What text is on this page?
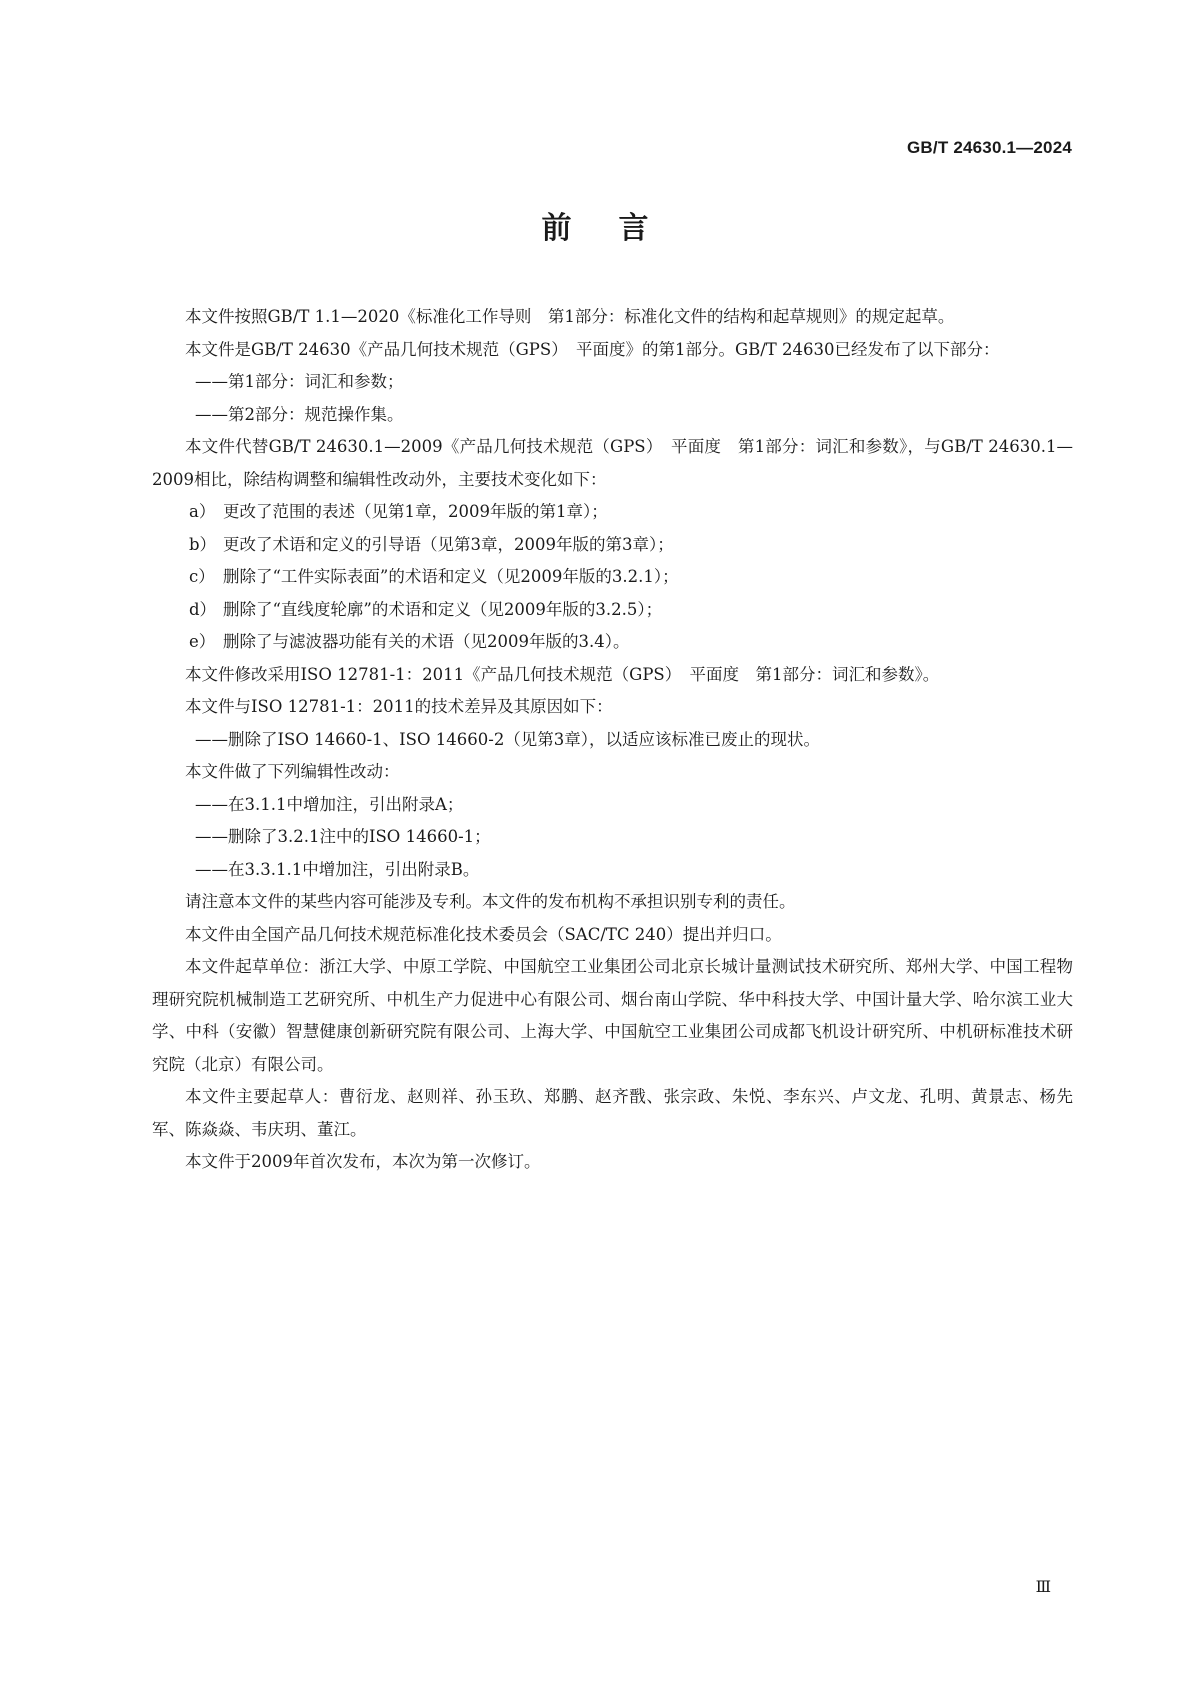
GB/T 24630.1—2024
前 言

本文件按照GB/T 1.1—2020《标准化工作导则　第1部分：标准化文件的结构和起草规则》的规定起草。

本文件是GB/T 24630《产品几何技术规范（GPS）　平面度》的第1部分。GB/T 24630已经发布了以下部分：

——第1部分：词汇和参数；

——第2部分：规范操作集。

本文件代替GB/T 24630.1—2009《产品几何技术规范（GPS）　平面度　第1部分：词汇和参数》，与GB/T 24630.1—2009相比，除结构调整和编辑性改动外，主要技术变化如下：

a） 更改了范围的表述（见第1章，2009年版的第1章）；

b） 更改了术语和定义的引导语（见第3章，2009年版的第3章）；

c） 删除了“工件实际表面”的术语和定义（见2009年版的3.2.1）；

d） 删除了“直线度轮廓”的术语和定义（见2009年版的3.2.5）；

e） 删除了与滤波器功能有关的术语（见2009年版的3.4）。

本文件修改采用ISO 12781-1：2011《产品几何技术规范（GPS）　平面度　第1部分：词汇和参数》。

本文件与ISO 12781-1：2011的技术差异及其原因如下：

——删除了ISO 14660-1、ISO 14660-2（见第3章），以适应该标准已废止的现状。

本文件做了下列编辑性改动：

——在3.1.1中增加注，引出附录A；

——删除了3.2.1注中的ISO 14660-1；

——在3.3.1.1中增加注，引出附录B。

请注意本文件的某些内容可能涉及专利。本文件的发布机构不承担识别专利的责任。

本文件由全国产品几何技术规范标准化技术委员会（SAC/TC 240）提出并归口。

本文件起草单位：浙江大学、中原工学院、中国航空工业集团公司北京长城计量测试技术研究所、郑州大学、中国工程物理研究院机械制造工艺研究所、中机生产力促进中心有限公司、烟台南山学院、华中科技大学、中国计量大学、哈尔滨工业大学、中科（安徽）智慧健康创新研究院有限公司、上海大学、中国航空工业集团公司成都飞机设计研究所、中机研标准技术研究院（北京）有限公司。

本文件主要起草人：曹衍龙、赵则祥、孙玉玖、郑鹏、赵齐戬、张宗政、朱悦、李东兴、卢文龙、孔明、黄景志、杨先军、陈焱焱、韦庆玥、董江。

本文件于2009年首次发布，本次为第一次修订。

Ⅲ
